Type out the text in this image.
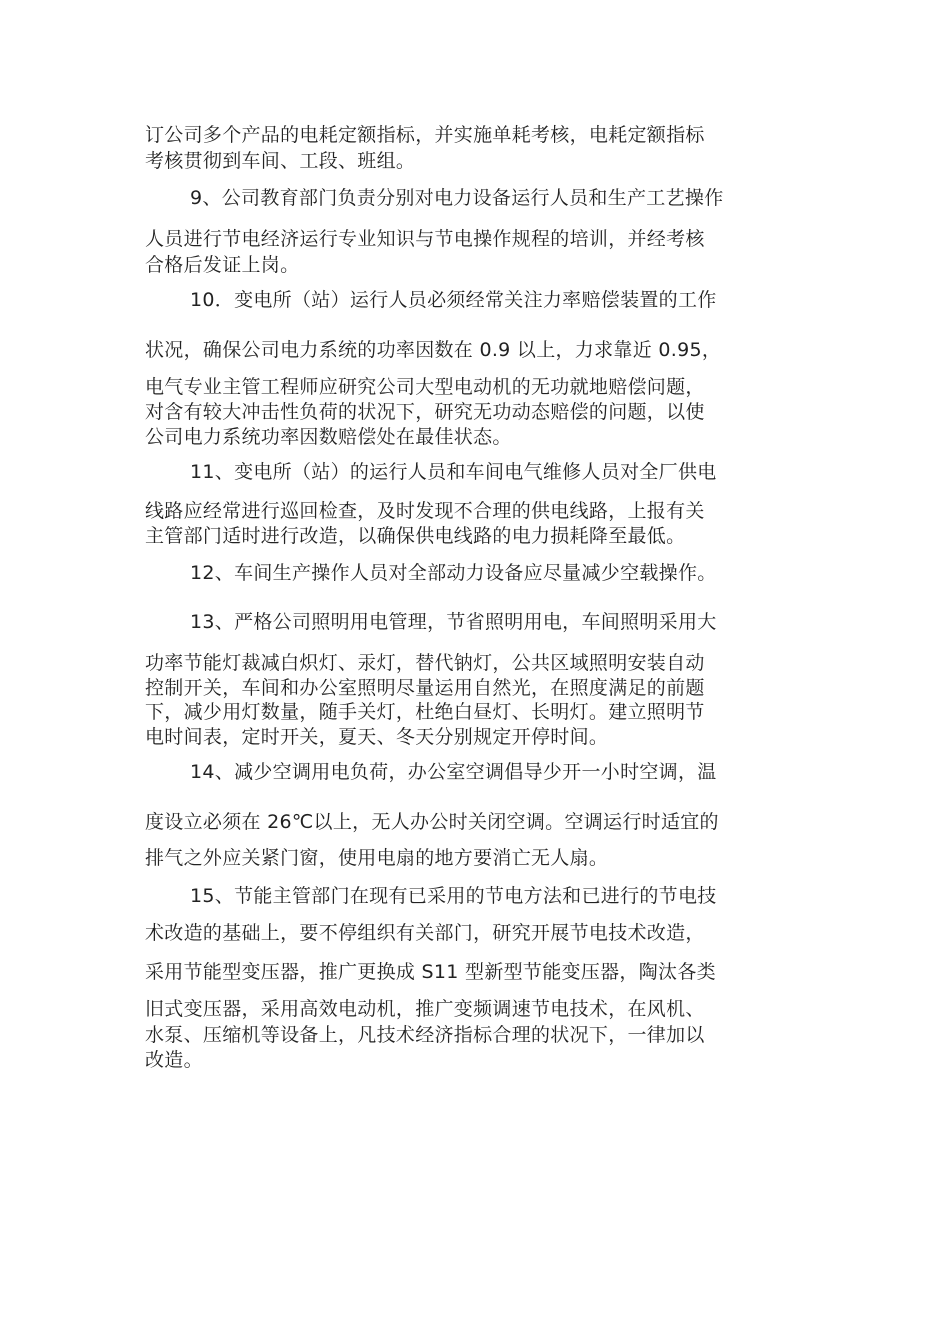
订公司多个产品的电耗定额指标，并实施单耗考核，电耗定额指标
考核贯彻到车间、工段、班组。
9、公司教育部门负责分别对电力设备运行人员和生产工艺操作
人员进行节电经济运行专业知识与节电操作规程的培训，并经考核
合格后发证上岗。
10．变电所（站）运行人员必须经常关注力率赔偿装置的工作
状况，确保公司电力系统的功率因数在 0.9 以上，力求靠近 0.95，
电气专业主管工程师应研究公司大型电动机的无功就地赔偿问题，
对含有较大冲击性负荷的状况下，研究无功动态赔偿的问题，以使
公司电力系统功率因数赔偿处在最佳状态。
11、变电所（站）的运行人员和车间电气维修人员对全厂供电
线路应经常进行巡回检查，及时发现不合理的供电线路，上报有关
主管部门适时进行改造，以确保供电线路的电力损耗降至最低。
12、车间生产操作人员对全部动力设备应尽量减少空载操作。
13、严格公司照明用电管理，节省照明用电，车间照明采用大
功率节能灯裁减白炽灯、汞灯，替代钠灯，公共区域照明安装自动
控制开关，车间和办公室照明尽量运用自然光，在照度满足的前题
下，减少用灯数量，随手关灯，杜绝白昼灯、长明灯。建立照明节
电时间表，定时开关，夏天、冬天分别规定开停时间。
14、减少空调用电负荷，办公室空调倡导少开一小时空调，温
度设立必须在 26℃以上，无人办公时关闭空调。空调运行时适宜的
排气之外应关紧门窗，使用电扇的地方要消亡无人扇。
15、节能主管部门在现有已采用的节电方法和已进行的节电技
术改造的基础上，要不停组织有关部门，研究开展节电技术改造，
采用节能型变压器，推广更换成 S11 型新型节能变压器，陶汰各类
旧式变压器，采用高效电动机，推广变频调速节电技术，在风机、
水泵、压缩机等设备上，凡技术经济指标合理的状况下，一律加以
改造。
